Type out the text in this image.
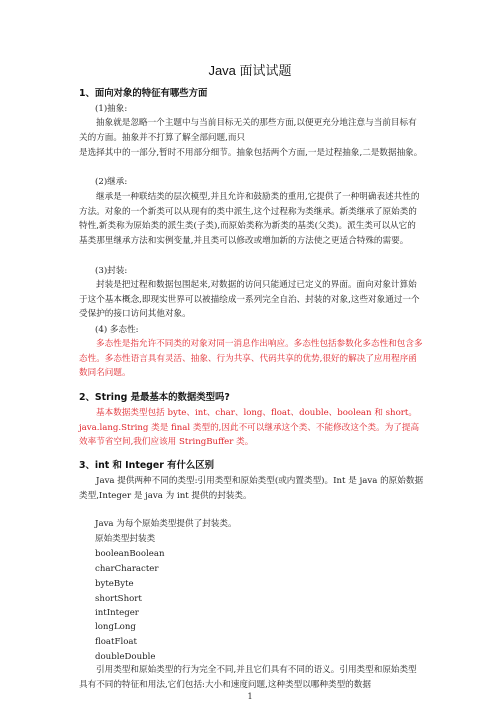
Java 面试试题
1、面向对象的特征有哪些方面
(1)抽象:
抽象就是忽略一个主题中与当前目标无关的那些方面,以便更充分地注意与当前目标有关的方面。抽象并不打算了解全部问题,而只
是选择其中的一部分,暂时不用部分细节。抽象包括两个方面,一是过程抽象,二是数据抽象。
(2)继承:
继承是一种联结类的层次模型,并且允许和鼓励类的重用,它提供了一种明确表述共性的方法。对象的一个新类可以从现有的类中派生,这个过程称为类继承。新类继承了原始类的特性,新类称为原始类的派生类(子类),而原始类称为新类的基类(父类)。派生类可以从它的基类那里继承方法和实例变量,并且类可以修改或增加新的方法使之更适合特殊的需要。
(3)封装:
封装是把过程和数据包围起来,对数据的访问只能通过已定义的界面。面向对象计算始于这个基本概念,即现实世界可以被描绘成一系列完全自治、封装的对象,这些对象通过一个受保护的接口访问其他对象。
(4) 多态性:
多态性是指允许不同类的对象对同一消息作出响应。多态性包括参数化多态性和包含多态性。多态性语言具有灵活、抽象、行为共享、代码共享的优势,很好的解决了应用程序函数同名问题。
2、String 是最基本的数据类型吗?
基本数据类型包括 byte、int、char、long、float、double、boolean 和 short。java.lang.String 类是 final 类型的,因此不可以继承这个类、不能修改这个类。为了提高效率节省空间,我们应该用 StringBuffer 类。
3、int 和 Integer 有什么区别
Java 提供两种不同的类型:引用类型和原始类型(或内置类型)。Int 是 java 的原始数据类型,Integer 是 java 为 int 提供的封装类。
Java 为每个原始类型提供了封装类。
原始类型封装类
booleanBoolean
charCharacter
byteByte
shortShort
intInteger
longLong
floatFloat
doubleDouble
引用类型和原始类型的行为完全不同,并且它们具有不同的语义。引用类型和原始类型具有不同的特征和用法,它们包括:大小和速度问题,这种类型以哪种类型的数据
1
